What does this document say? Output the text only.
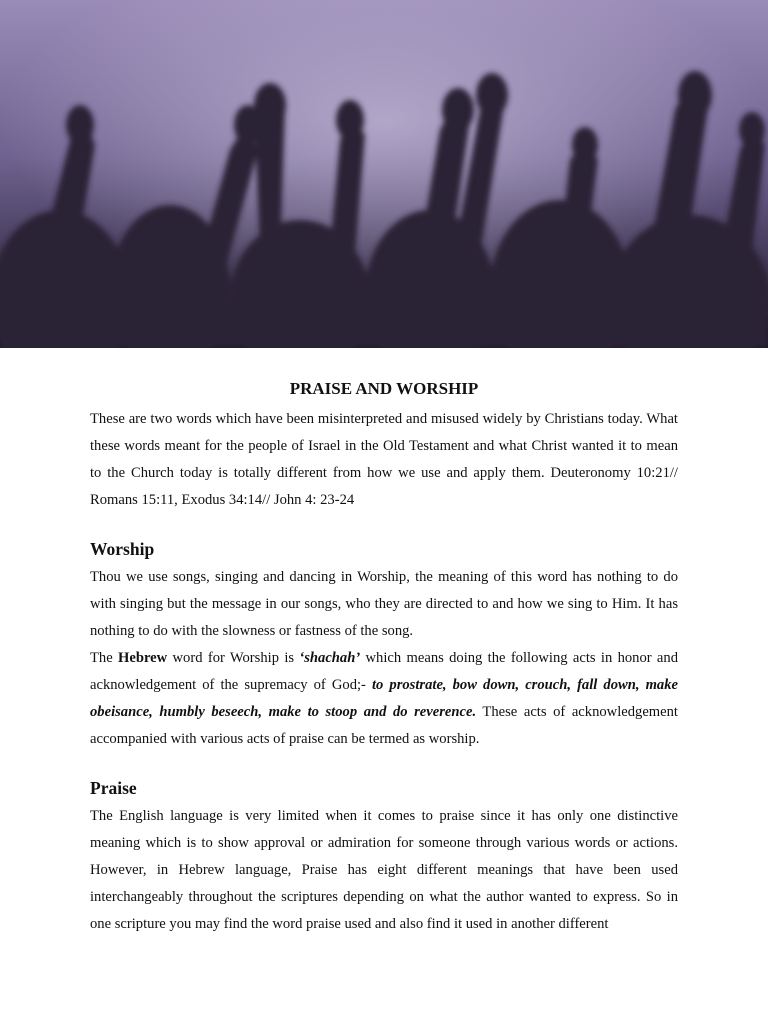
PRAISE AND WORSHIP

These are two words which have been misinterpreted and misused widely by Christians today. What these words meant for the people of Israel in the Old Testament and what Christ wanted it to mean to the Church today is totally different from how we use and apply them. Deuteronomy 10:21// Romans 15:11, Exodus 34:14// John 4: 23-24

Worship

Thou we use songs, singing and dancing in Worship, the meaning of this word has nothing to do with singing but the message in our songs, who they are directed to and how we sing to Him. It has nothing to do with the slowness or fastness of the song.

The Hebrew word for Worship is ‘shachah’ which means doing the following acts in honor and acknowledgement of the supremacy of God;- to prostrate, bow down, crouch, fall down, make obeisance, humbly beseech, make to stoop and do reverence. These acts of acknowledgement accompanied with various acts of praise can be termed as worship.

Praise

The English language is very limited when it comes to praise since it has only one distinctive meaning which is to show approval or admiration for someone through various words or actions. However, in Hebrew language, Praise has eight different meanings that have been used interchangeably throughout the scriptures depending on what the author wanted to express. So in one scripture you may find the word praise used and also find it used in another different
